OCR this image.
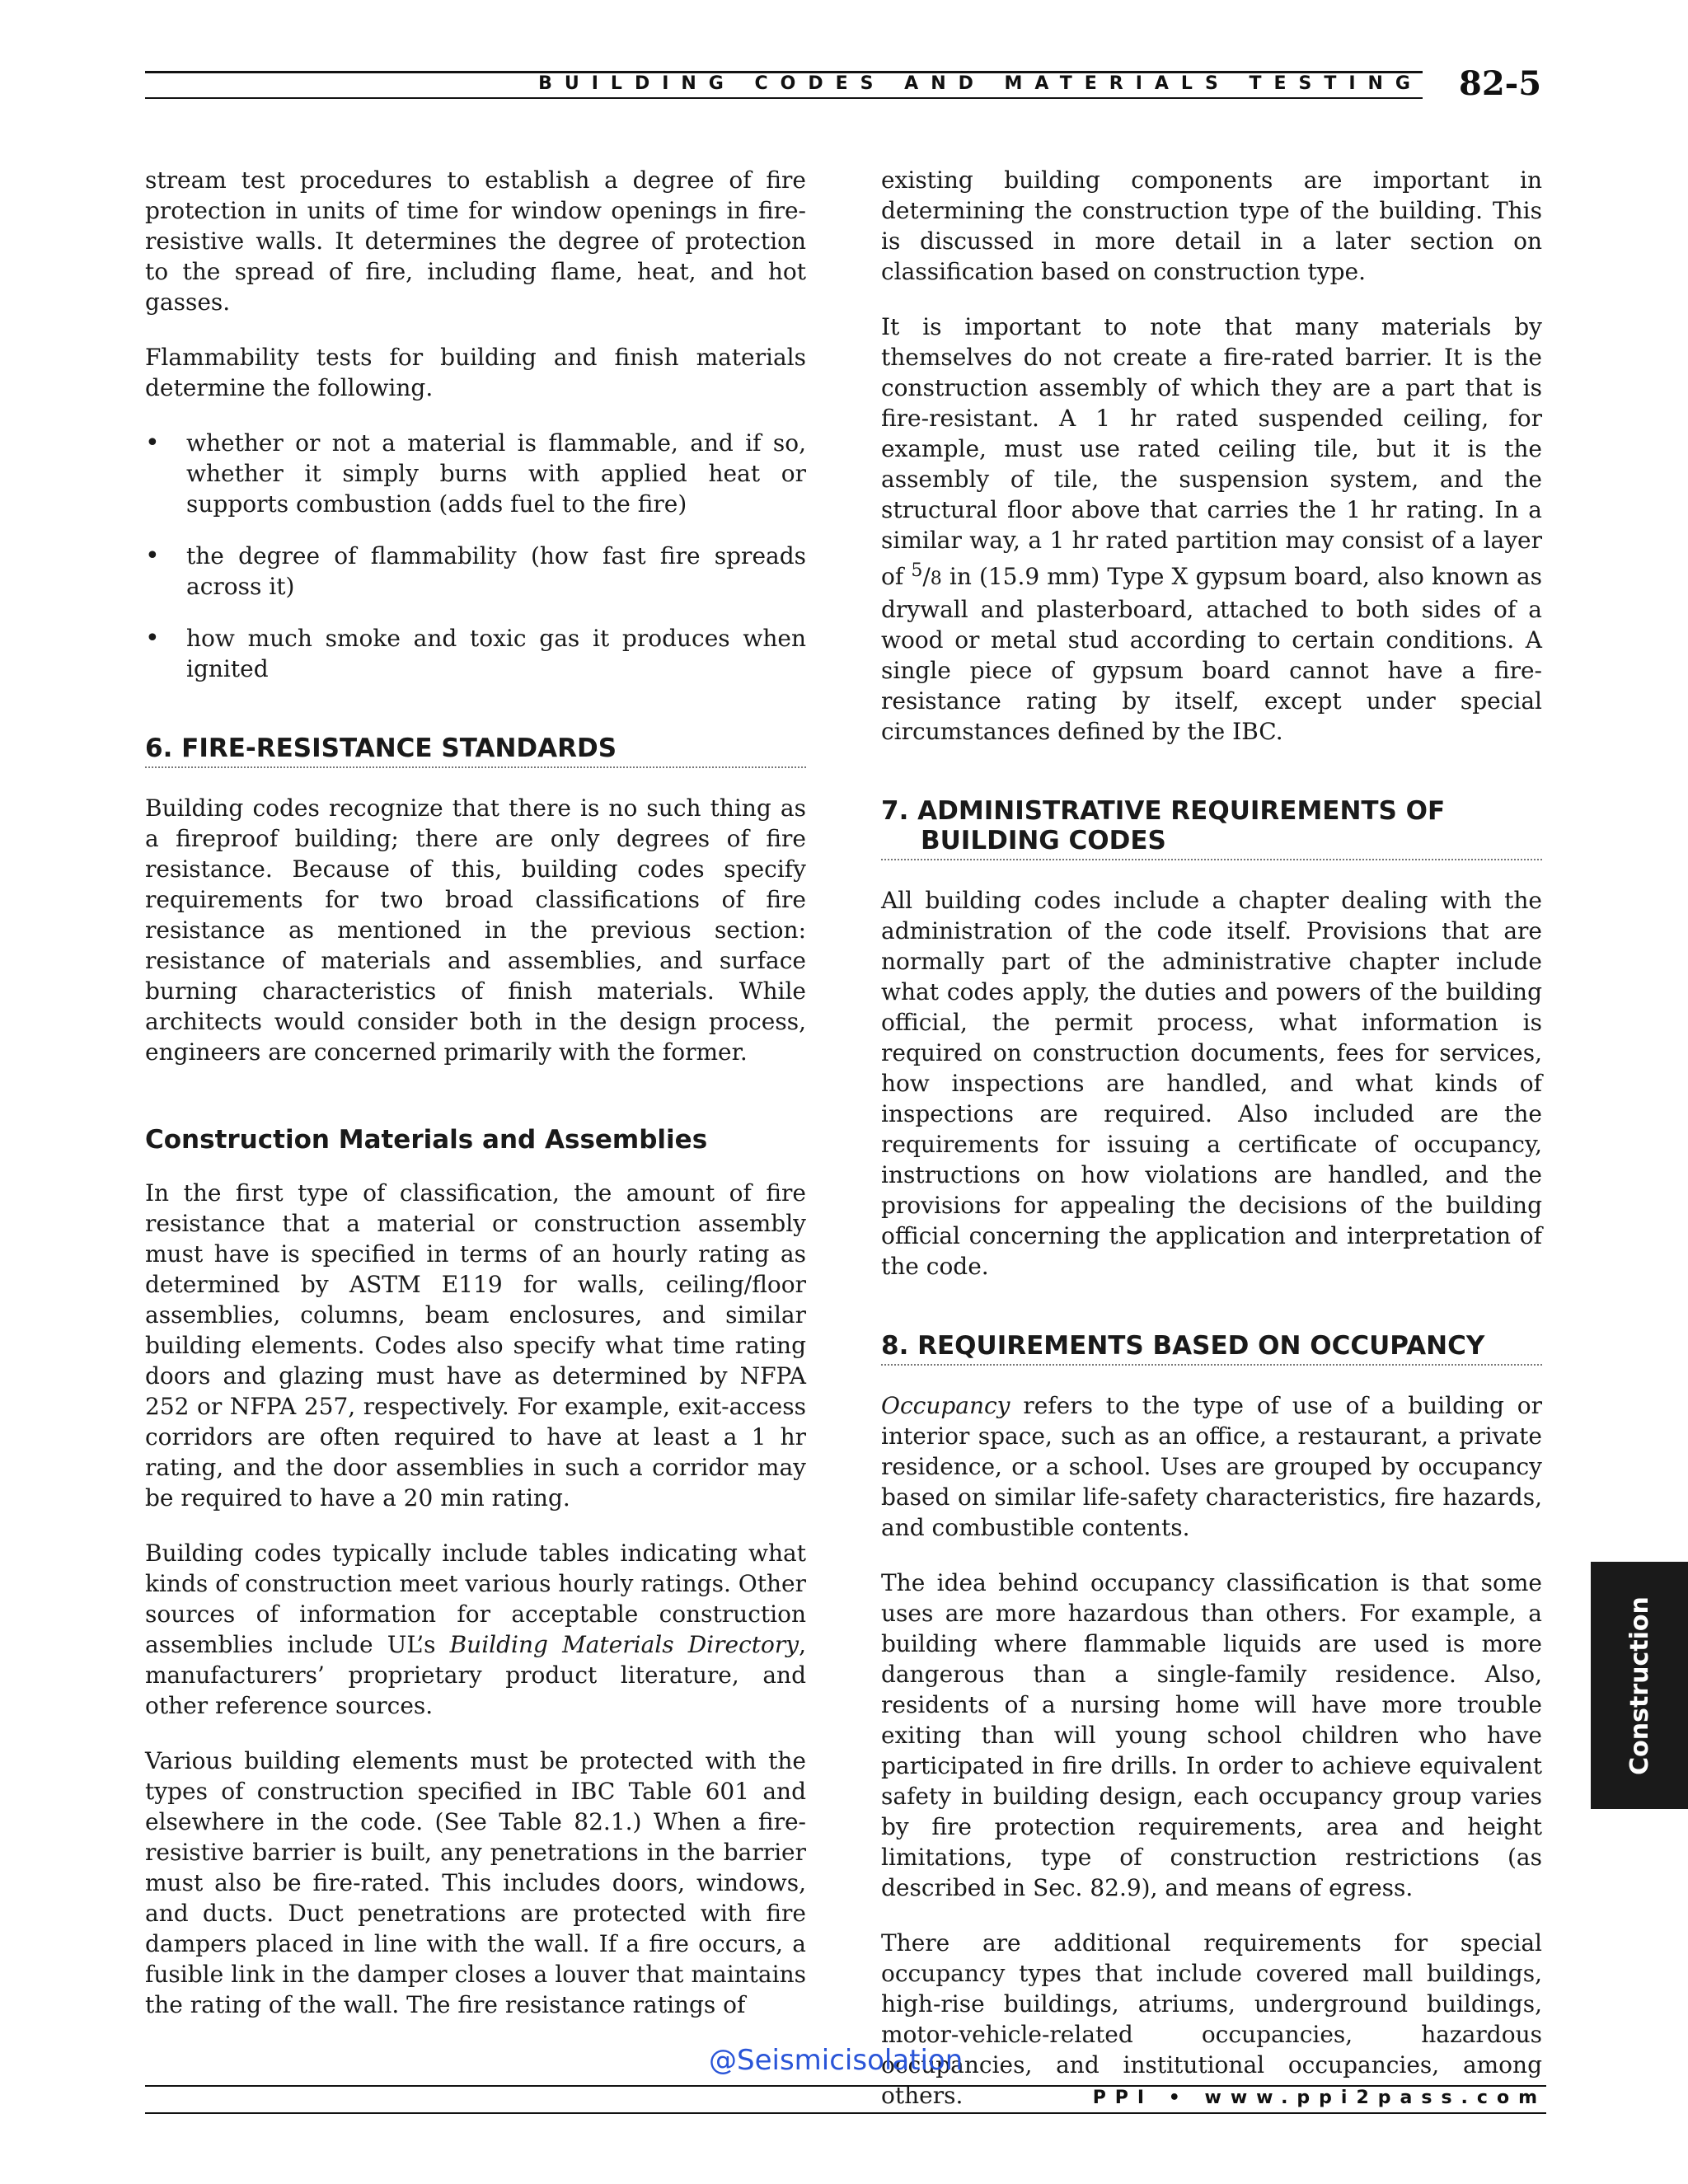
BUILDING CODES AND MATERIALS TESTING 82-5

stream test procedures to establish a degree of fire protection in units of time for window openings in fire-resistive walls. It determines the degree of protection to the spread of fire, including flame, heat, and hot gasses.

Flammability tests for building and finish materials determine the following.

• whether or not a material is flammable, and if so, whether it simply burns with applied heat or supports combustion (adds fuel to the fire)
• the degree of flammability (how fast fire spreads across it)
• how much smoke and toxic gas it produces when ignited
6. FIRE-RESISTANCE STANDARDS

Building codes recognize that there is no such thing as a fireproof building; there are only degrees of fire resistance. Because of this, building codes specify requirements for two broad classifications of fire resistance as mentioned in the previous section: resistance of materials and assemblies, and surface burning characteristics of finish materials. While architects would consider both in the design process, engineers are concerned primarily with the former.

Construction Materials and Assemblies

In the first type of classification, the amount of fire resistance that a material or construction assembly must have is specified in terms of an hourly rating as determined by ASTM E119 for walls, ceiling/floor assemblies, columns, beam enclosures, and similar building elements. Codes also specify what time rating doors and glazing must have as determined by NFPA 252 or NFPA 257, respectively. For example, exit-access corridors are often required to have at least a 1 hr rating, and the door assemblies in such a corridor may be required to have a 20 min rating.

Building codes typically include tables indicating what kinds of construction meet various hourly ratings. Other sources of information for acceptable construction assemblies include UL’s Building Materials Directory, manufacturers’ proprietary product literature, and other reference sources.

Various building elements must be protected with the types of construction specified in IBC Table 601 and elsewhere in the code. (See Table 82.1.) When a fire-resistive barrier is built, any penetrations in the barrier must also be fire-rated. This includes doors, windows, and ducts. Duct penetrations are protected with fire dampers placed in line with the wall. If a fire occurs, a fusible link in the damper closes a louver that maintains the rating of the wall. The fire resistance ratings of

existing building components are important in determining the construction type of the building. This is discussed in more detail in a later section on classification based on construction type.

It is important to note that many materials by themselves do not create a fire-rated barrier. It is the construction assembly of which they are a part that is fire-resistant. A 1 hr rated suspended ceiling, for example, must use rated ceiling tile, but it is the assembly of tile, the suspension system, and the structural floor above that carries the 1 hr rating. In a similar way, a 1 hr rated partition may consist of a layer of $^5$/8 in (15.9 mm) Type X gypsum board, also known as drywall and plasterboard, attached to both sides of a wood or metal stud according to certain conditions. A single piece of gypsum board cannot have a fire-resistance rating by itself, except under special circumstances defined by the IBC.

7. ADMINISTRATIVE REQUIREMENTS OF BUILDING CODES

All building codes include a chapter dealing with the administration of the code itself. Provisions that are normally part of the administrative chapter include what codes apply, the duties and powers of the building official, the permit process, what information is required on construction documents, fees for services, how inspections are handled, and what kinds of inspections are required. Also included are the requirements for issuing a certificate of occupancy, instructions on how violations are handled, and the provisions for appealing the decisions of the building official concerning the application and interpretation of the code.

8. REQUIREMENTS BASED ON OCCUPANCY

Occupancy refers to the type of use of a building or interior space, such as an office, a restaurant, a private residence, or a school. Uses are grouped by occupancy based on similar life-safety characteristics, fire hazards, and combustible contents.

The idea behind occupancy classification is that some uses are more hazardous than others. For example, a building where flammable liquids are used is more dangerous than a single-family residence. Also, residents of a nursing home will have more trouble exiting than will young school children who have participated in fire drills. In order to achieve equivalent safety in building design, each occupancy group varies by fire protection requirements, area and height limitations, type of construction restrictions (as described in Sec. 82.9), and means of egress.

There are additional requirements for special occupancy types that include covered mall buildings, high-rise buildings, atriums, underground buildings, motor-vehicle-related occupancies, hazardous occupancies, and institutional occupancies, among others.

Construction
@Seismicisolation
PPI • www.ppi2pass.com
